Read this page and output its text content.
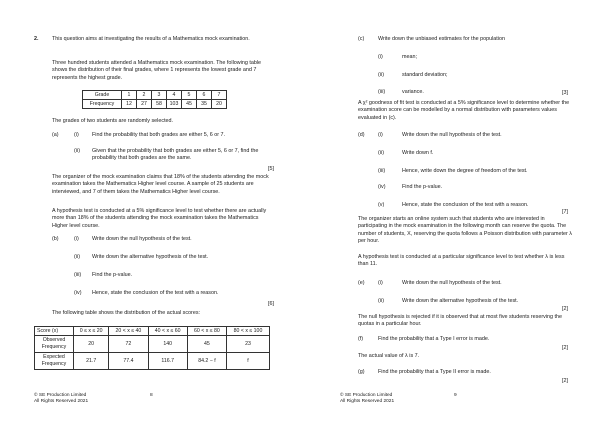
2.	This question aims at investigating the results of a Mathematics mock examination.
Three hundred students attended a Mathematics mock examination. The following table shows the distribution of their final grades, where 1 represents the lowest grade and 7 represents the highest grade.
Grade	1	2	3	4	5	6	7
Frequency	12	27	58	103	45	35	20
The grades of two students are randomly selected.
(a)	(i) Find the probability that both grades are either 5, 6 or 7.
(ii) Given that the probability that both grades are either 5, 6 or 7, find the probability that both grades are the same.
[5]
The organizer of the mock examination claims that 18% of the students attending the mock examination takes the Mathematics Higher level course. A sample of 25 students are interviewed, and 7 of them takes the Mathematics Higher level course.
A hypothesis test is conducted at a 5% significance level to test whether there are actually more than 18% of the students attending the mock examination takes the Mathematics Higher level course.
(b)	(i) Write down the null hypothesis of the test.
(ii) Write down the alternative hypothesis of the test.
(iii) Find the p-value.
(iv) Hence, state the conclusion of the test with a reason.
[6]
The following table shows the distribution of the actual scores:
Score (x)	0 ≤ x ≤ 20	20 < x ≤ 40	40 < x ≤ 60	60 < x ≤ 80	80 < x ≤ 100
Observed Frequency	20	72	140	45	23
Expected Frequency	21.7	77.4	116.7	84.2 − f	f
© SE Production Limited
All Rights Reserved 2021
8
(c)	Write down the unbiased estimates for the population
(i)	mean;
(ii)	standard deviation;
(iii)	variance.	[3]
A χ² goodness of fit test is conducted at a 5% significance level to determine whether the examination score can be modelled by a normal distribution with parameters values evaluated in (c).
(d) (i)	Write down the null hypothesis of the test.
(ii)	Write down f.
(iii)	Hence, write down the degree of freedom of the test.
(iv)	Find the p-value.
(v)	Hence, state the conclusion of the test with a reason.
[7]
The organizer starts an online system such that students who are interested in participating in the mock examination in the following month can reserve the quota. The number of students, X, reserving the quota follows a Poisson distribution with parameter λ per hour.
A hypothesis test is conducted at a particular significance level to test whether λ is less than 11.
(e) (i)	Write down the null hypothesis of the test.
(ii)	Write down the alternative hypothesis of the test.
[2]
The null hypothesis is rejected if it is observed that at most five students reserving the quotas in a particular hour.
(f)	Find the probability that a Type I error is made.
[2]
The actual value of λ is 7.
(g) Find the probability that a Type II error is made.
[2]
© SE Production Limited
All Rights Reserved 2021
9
